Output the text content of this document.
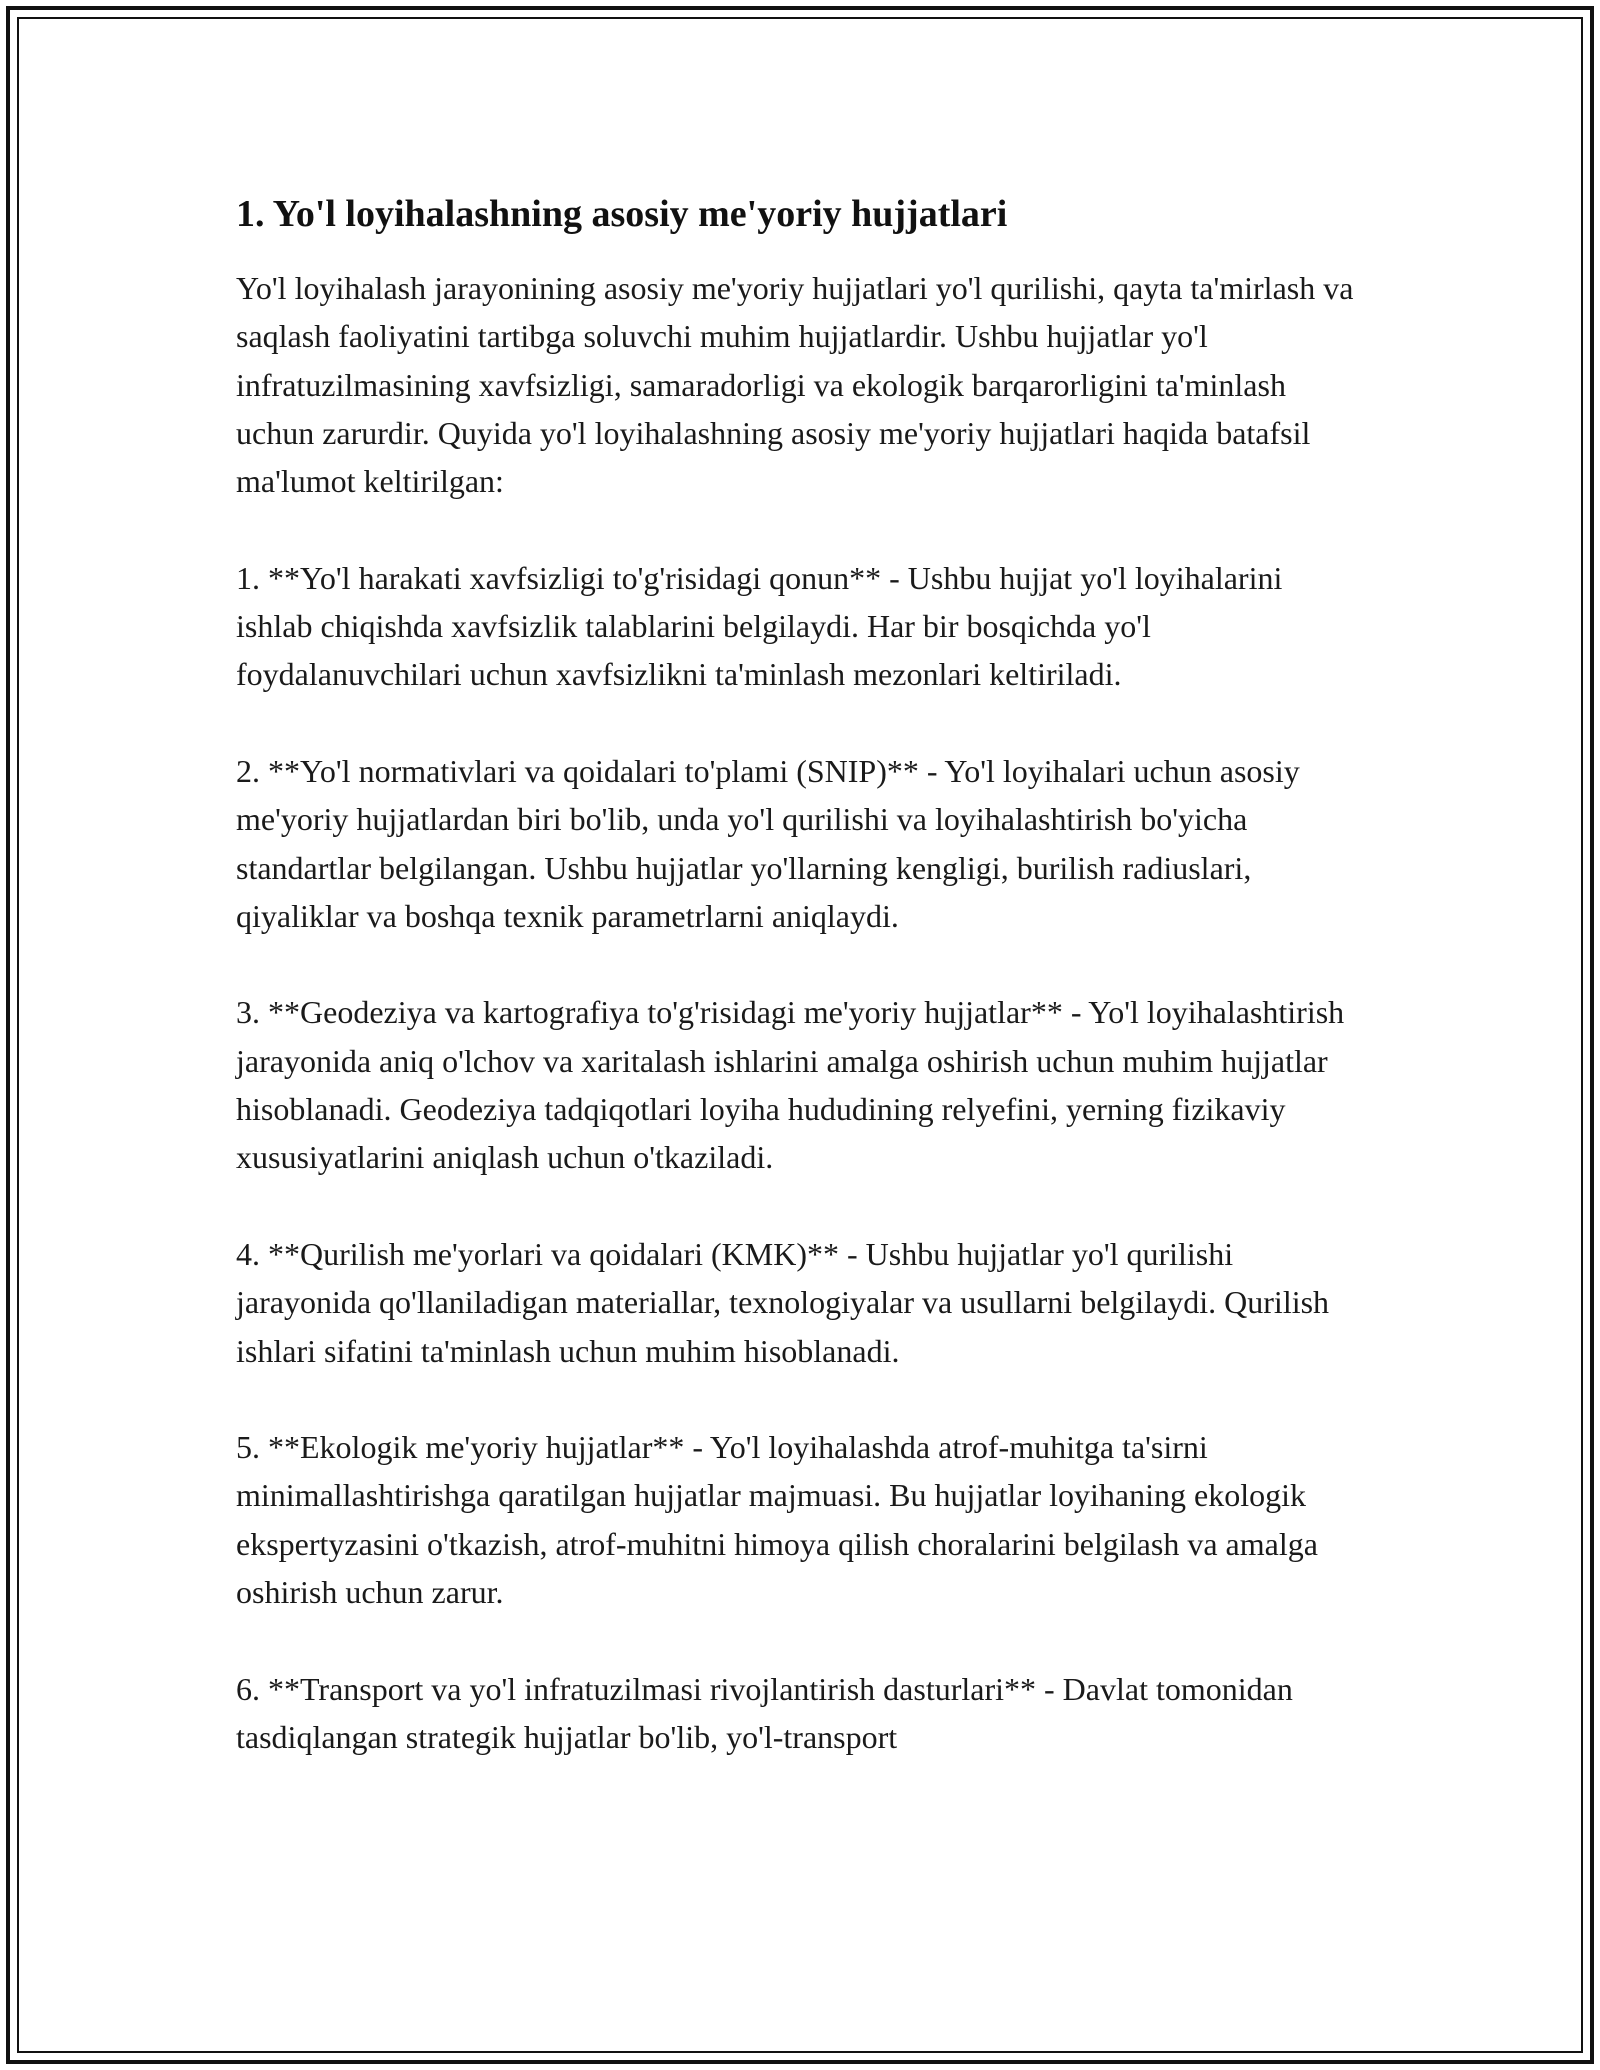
1. Yo'l loyihalashning asosiy me'yoriy hujjatlari

Yo'l loyihalash jarayonining asosiy me'yoriy hujjatlari yo'l qurilishi, qayta ta'mirlash va saqlash faoliyatini tartibga soluvchi muhim hujjatlardir. Ushbu hujjatlar yo'l infratuzilmasining xavfsizligi, samaradorligi va ekologik barqarorligini ta'minlash uchun zarurdir. Quyida yo'l loyihalashning asosiy me'yoriy hujjatlari haqida batafsil ma'lumot keltirilgan:

1. **Yo'l harakati xavfsizligi to'g'risidagi qonun** - Ushbu hujjat yo'l loyihalarini ishlab chiqishda xavfsizlik talablarini belgilaydi. Har bir bosqichda yo'l foydalanuvchilari uchun xavfsizlikni ta'minlash mezonlari keltiriladi.

2. **Yo'l normativlari va qoidalari to'plami (SNIP)** - Yo'l loyihalari uchun asosiy me'yoriy hujjatlardan biri bo'lib, unda yo'l qurilishi va loyihalashtirish bo'yicha standartlar belgilangan. Ushbu hujjatlar yo'llarning kengligi, burilish radiuslari, qiyaliklar va boshqa texnik parametrlarni aniqlaydi.

3. **Geodeziya va kartografiya to'g'risidagi me'yoriy hujjatlar** - Yo'l loyihalashtirish jarayonida aniq o'lchov va xaritalash ishlarini amalga oshirish uchun muhim hujjatlar hisoblanadi. Geodeziya tadqiqotlari loyiha hududining relyefini, yerning fizikaviy xususiyatlarini aniqlash uchun o'tkaziladi.

4. **Qurilish me'yorlari va qoidalari (KMK)** - Ushbu hujjatlar yo'l qurilishi jarayonida qo'llaniladigan materiallar, texnologiyalar va usullarni belgilaydi. Qurilish ishlari sifatini ta'minlash uchun muhim hisoblanadi.

5. **Ekologik me'yoriy hujjatlar** - Yo'l loyihalashda atrof-muhitga ta'sirni minimallashtirishga qaratilgan hujjatlar majmuasi. Bu hujjatlar loyihaning ekologik ekspertyzasini o'tkazish, atrof-muhitni himoya qilish choralarini belgilash va amalga oshirish uchun zarur.

6. **Transport va yo'l infratuzilmasi rivojlantirish dasturlari** - Davlat tomonidan tasdiqlangan strategik hujjatlar bo'lib, yo'l-transport
